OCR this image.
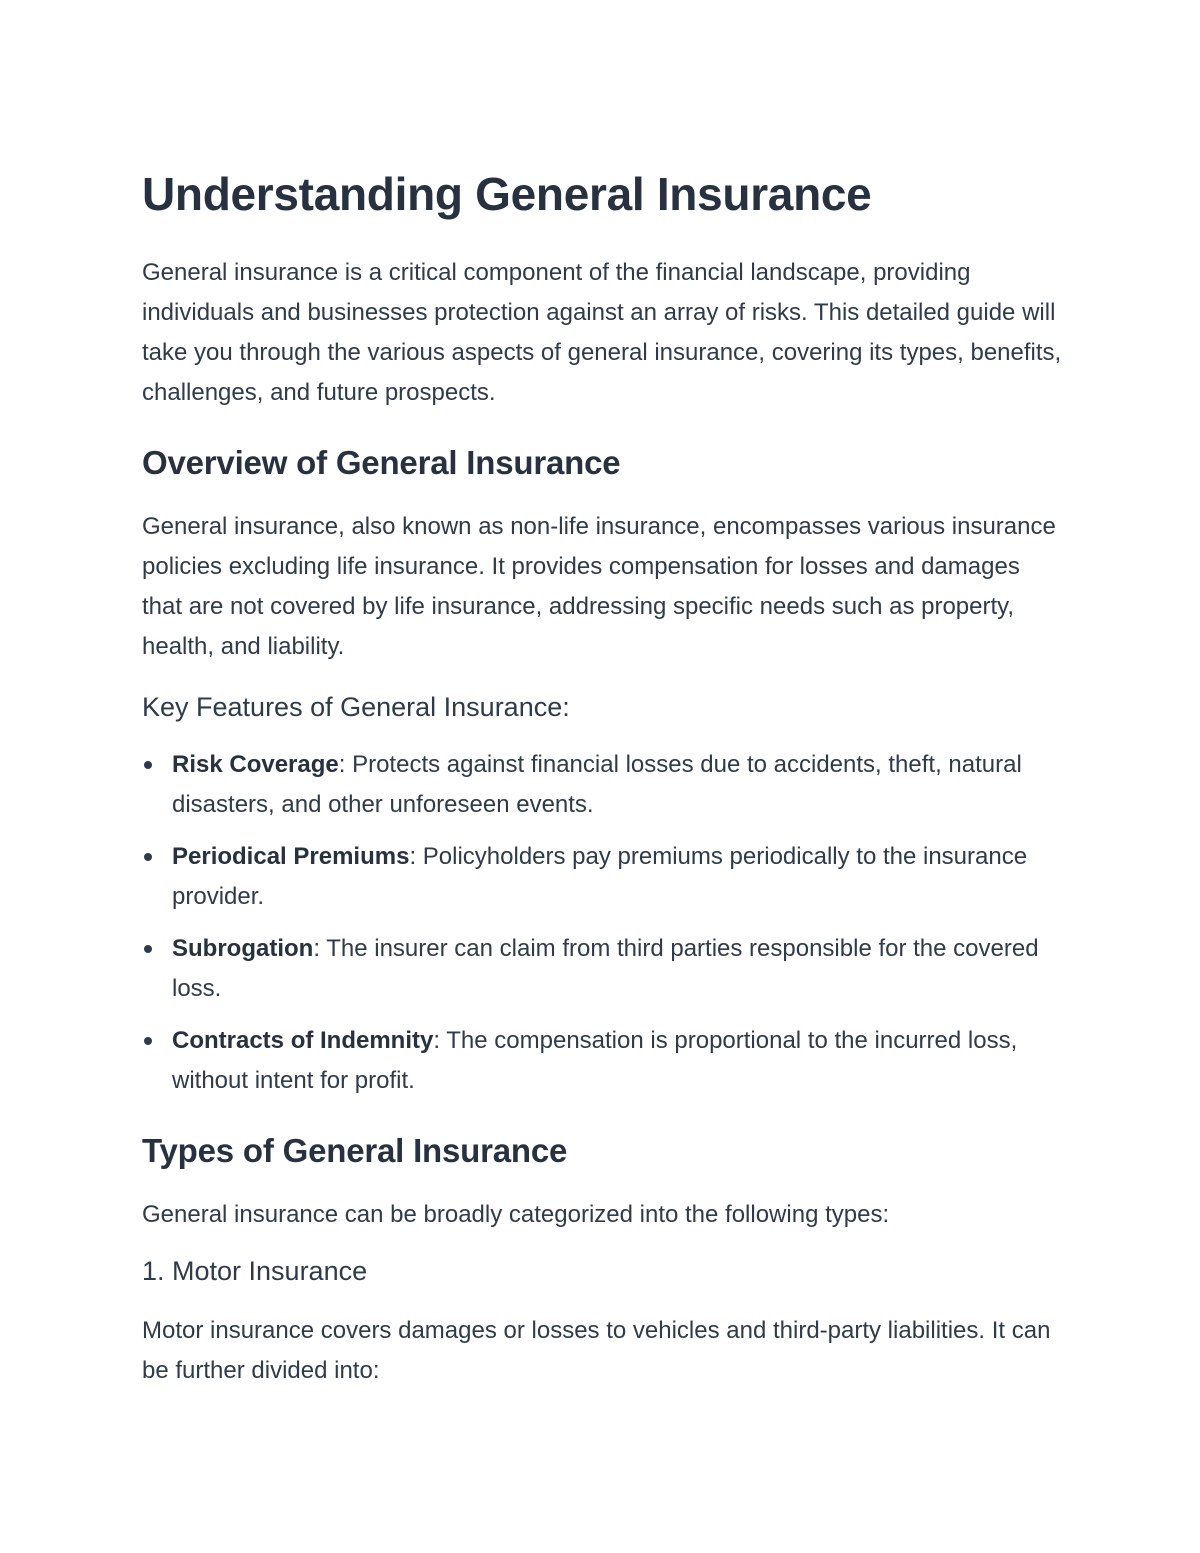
Understanding General Insurance

General insurance is a critical component of the financial landscape, providing individuals and businesses protection against an array of risks. This detailed guide will take you through the various aspects of general insurance, covering its types, benefits, challenges, and future prospects.

Overview of General Insurance

General insurance, also known as non-life insurance, encompasses various insurance policies excluding life insurance. It provides compensation for losses and damages that are not covered by life insurance, addressing specific needs such as property, health, and liability.

Key Features of General Insurance:
Risk Coverage: Protects against financial losses due to accidents, theft, natural disasters, and other unforeseen events.
Periodical Premiums: Policyholders pay premiums periodically to the insurance provider.
Subrogation: The insurer can claim from third parties responsible for the covered loss.
Contracts of Indemnity: The compensation is proportional to the incurred loss, without intent for profit.
Types of General Insurance

General insurance can be broadly categorized into the following types:

1. Motor Insurance

Motor insurance covers damages or losses to vehicles and third-party liabilities. It can be further divided into:
